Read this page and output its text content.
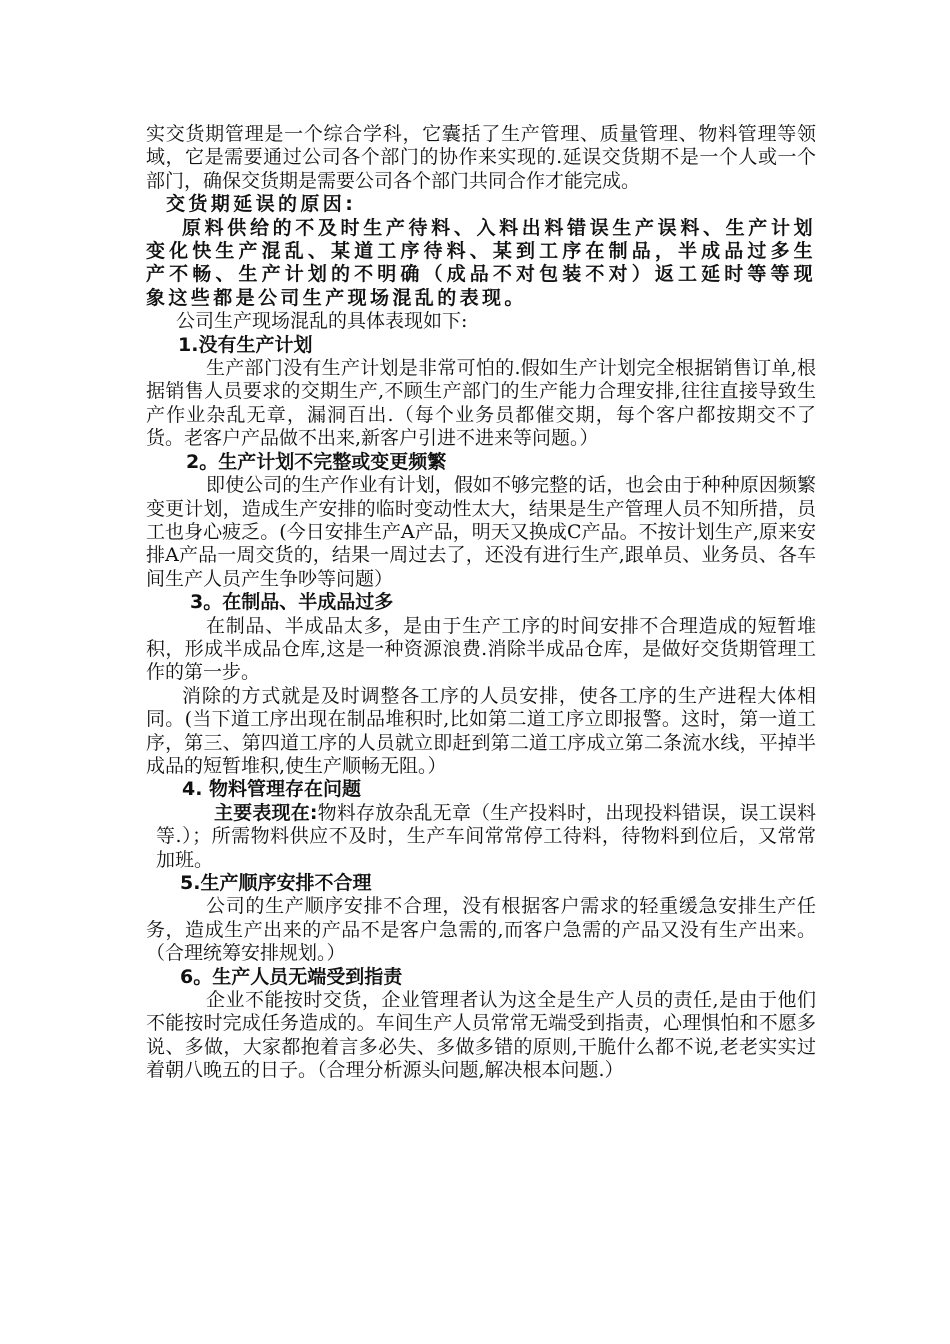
实交货期管理是一个综合学科，它囊括了生产管理、质量管理、物料管理等领域，它是需要通过公司各个部门的协作来实现的.延误交货期不是一个人或一个部门，确保交货期是需要公司各个部门共同合作才能完成。

交货期延误的原因:

原料供给的不及时生产待料、入料出料错误生产误料、生产计划变化快生产混乱、某道工序待料、某到工序在制品，半成品过多生产不畅、生产计划的不明确（成品不对包装不对）返工延时等等现象这些都是公司生产现场混乱的表现。

公司生产现场混乱的具体表现如下:

1.没有生产计划

生产部门没有生产计划是非常可怕的.假如生产计划完全根据销售订单,根据销售人员要求的交期生产,不顾生产部门的生产能力合理安排,往往直接导致生产作业杂乱无章，漏洞百出.（每个业务员都催交期，每个客户都按期交不了货。老客户产品做不出来,新客户引进不进来等问题。）

2。生产计划不完整或变更频繁

即使公司的生产作业有计划，假如不够完整的话，也会由于种种原因频繁变更计划，造成生产安排的临时变动性太大，结果是生产管理人员不知所措，员工也身心疲乏。(今日安排生产A产品，明天又换成C产品。不按计划生产,原来安排A产品一周交货的，结果一周过去了，还没有进行生产,跟单员、业务员、各车间生产人员产生争吵等问题）

3。在制品、半成品过多

在制品、半成品太多，是由于生产工序的时间安排不合理造成的短暂堆积，形成半成品仓库,这是一种资源浪费.消除半成品仓库，是做好交货期管理工作的第一步。

消除的方式就是及时调整各工序的人员安排，使各工序的生产进程大体相同。(当下道工序出现在制品堆积时,比如第二道工序立即报警。这时，第一道工序，第三、第四道工序的人员就立即赶到第二道工序成立第二条流水线，平掉半成品的短暂堆积,使生产顺畅无阻。）

4. 物料管理存在问题

主要表现在:物料存放杂乱无章（生产投料时，出现投料错误，误工误料等.）；所需物料供应不及时，生产车间常常停工待料，待物料到位后，又常常加班。

5.生产顺序安排不合理

公司的生产顺序安排不合理，没有根据客户需求的轻重缓急安排生产任务，造成生产出来的产品不是客户急需的,而客户急需的产品又没有生产出来。（合理统筹安排规划。）

6。生产人员无端受到指责

企业不能按时交货，企业管理者认为这全是生产人员的责任,是由于他们不能按时完成任务造成的。车间生产人员常常无端受到指责，心理惧怕和不愿多说、多做，大家都抱着言多必失、多做多错的原则,干脆什么都不说,老老实实过着朝八晚五的日子。（合理分析源头问题,解决根本问题.）
